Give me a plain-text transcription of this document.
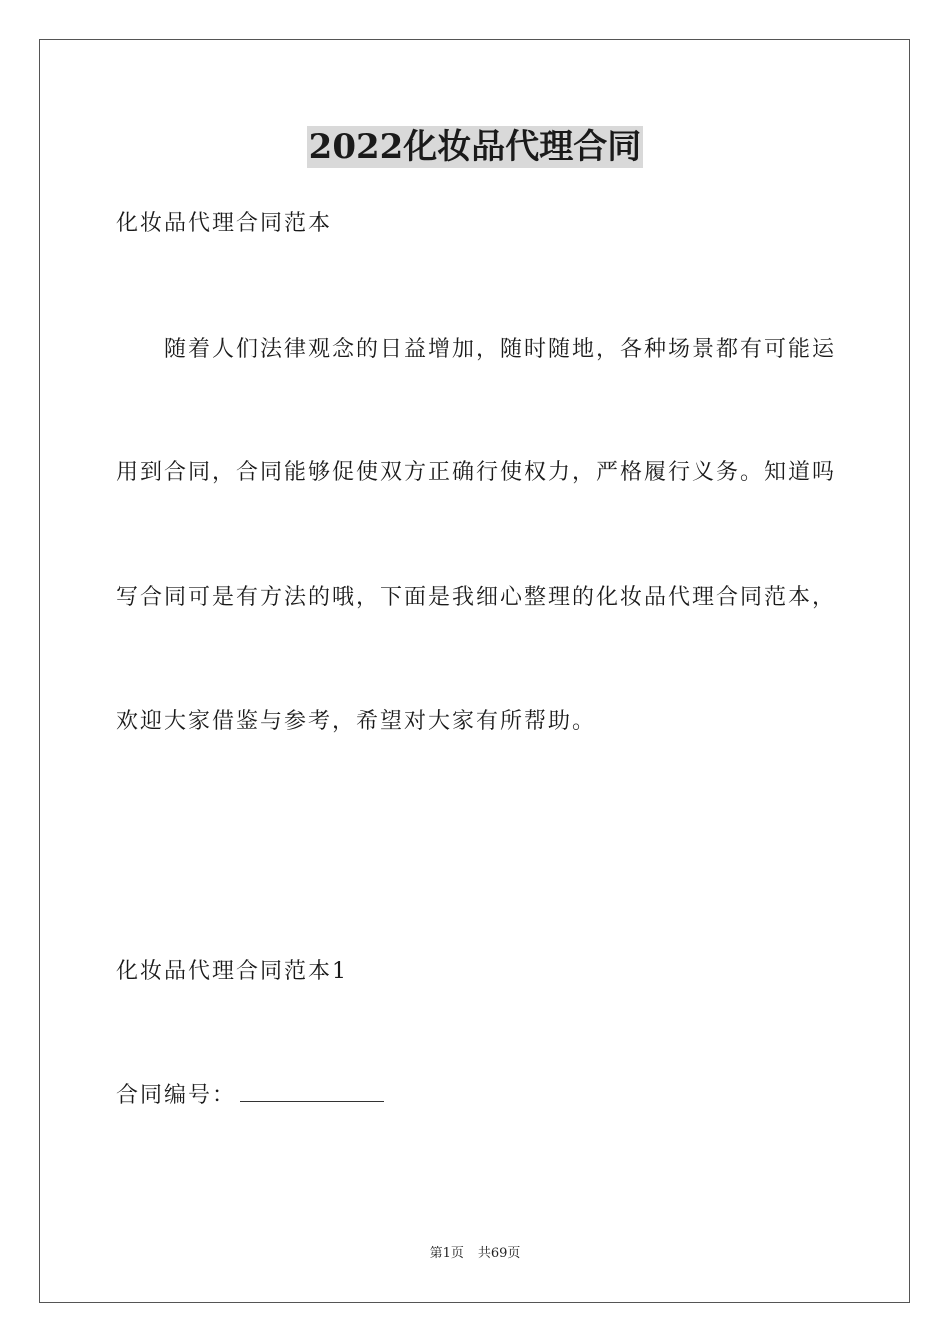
2022化妆品代理合同
化妆品代理合同范本
随着人们法律观念的日益增加，随时随地，各种场景都有可能运
用到合同，合同能够促使双方正确行使权力，严格履行义务。知道吗
写合同可是有方法的哦，下面是我细心整理的化妆品代理合同范本，
欢迎大家借鉴与参考，希望对大家有所帮助。
化妆品代理合同范本1
合同编号：
第1页 共69页
